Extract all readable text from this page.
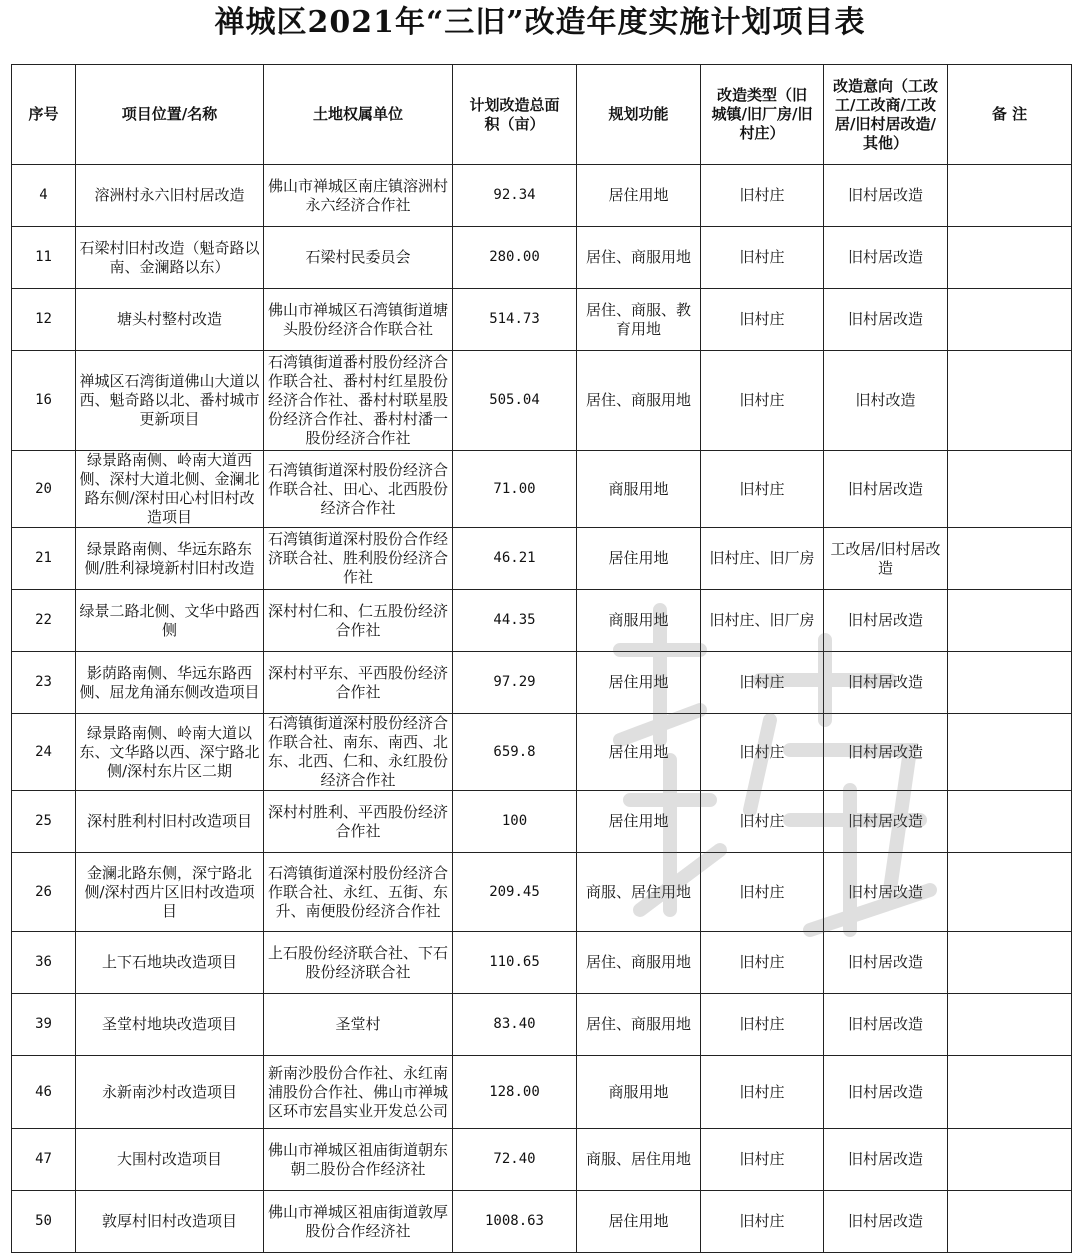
禅城区2021年“三旧”改造年度实施计划项目表
序号	项目位置/名称	土地权属单位	计划改造总面积（亩）	规划功能	改造类型（旧城镇/旧厂房/旧村庄）	改造意向（工改工/工改商/工改居/旧村居改造/其他）	备 注
4	溶洲村永六旧村居改造	佛山市禅城区南庄镇溶洲村永六经济合作社	92.34	居住用地	旧村庄	旧村居改造	
11	石梁村旧村改造（魁奇路以南、金澜路以东）	石梁村民委员会	280.00	居住、商服用地	旧村庄	旧村居改造	
12	塘头村整村改造	佛山市禅城区石湾镇街道塘头股份经济合作联合社	514.73	居住、商服、教育用地	旧村庄	旧村居改造	
16	禅城区石湾街道佛山大道以西、魁奇路以北、番村城市更新项目	石湾镇街道番村股份经济合作联合社、番村村红星股份经济合作社、番村村联星股份经济合作社、番村村潘一股份经济合作社	505.04	居住、商服用地	旧村庄	旧村改造	
20	绿景路南侧、岭南大道西侧、深村大道北侧、金澜北路东侧/深村田心村旧村改造项目	石湾镇街道深村股份经济合作联合社、田心、北西股份经济合作社	71.00	商服用地	旧村庄	旧村居改造	
21	绿景路南侧、华远东路东侧/胜利禄境新村旧村改造	石湾镇街道深村股份合作经济联合社、胜利股份经济合作社	46.21	居住用地	旧村庄、旧厂房	工改居/旧村居改造	
22	绿景二路北侧、文华中路西侧	深村村仁和、仁五股份经济合作社	44.35	商服用地	旧村庄、旧厂房	旧村居改造	
23	影荫路南侧、华远东路西侧、屈龙角涌东侧改造项目	深村村平东、平西股份经济合作社	97.29	居住用地	旧村庄	旧村居改造	
24	绿景路南侧、岭南大道以东、文华路以西、深宁路北侧/深村东片区二期	石湾镇街道深村股份经济合作联合社、南东、南西、北东、北西、仁和、永红股份经济合作社	659.8	居住用地	旧村庄	旧村居改造	
25	深村胜利村旧村改造项目	深村村胜利、平西股份经济合作社	100	居住用地	旧村庄	旧村居改造	
26	金澜北路东侧，深宁路北侧/深村西片区旧村改造项目	石湾镇街道深村股份经济合作联合社、永红、五街、东升、南便股份经济合作社	209.45	商服、居住用地	旧村庄	旧村居改造	
36	上下石地块改造项目	上石股份经济联合社、下石股份经济联合社	110.65	居住、商服用地	旧村庄	旧村居改造	
39	圣堂村地块改造项目	圣堂村	83.40	居住、商服用地	旧村庄	旧村居改造	
46	永新南沙村改造项目	新南沙股份合作社、永红南浦股份合作社、佛山市禅城区环市宏昌实业开发总公司	128.00	商服用地	旧村庄	旧村居改造	
47	大围村改造项目	佛山市禅城区祖庙街道朝东朝二股份合作经济社	72.40	商服、居住用地	旧村庄	旧村居改造	
50	敦厚村旧村改造项目	佛山市禅城区祖庙街道敦厚股份合作经济社	1008.63	居住用地	旧村庄	旧村居改造	
